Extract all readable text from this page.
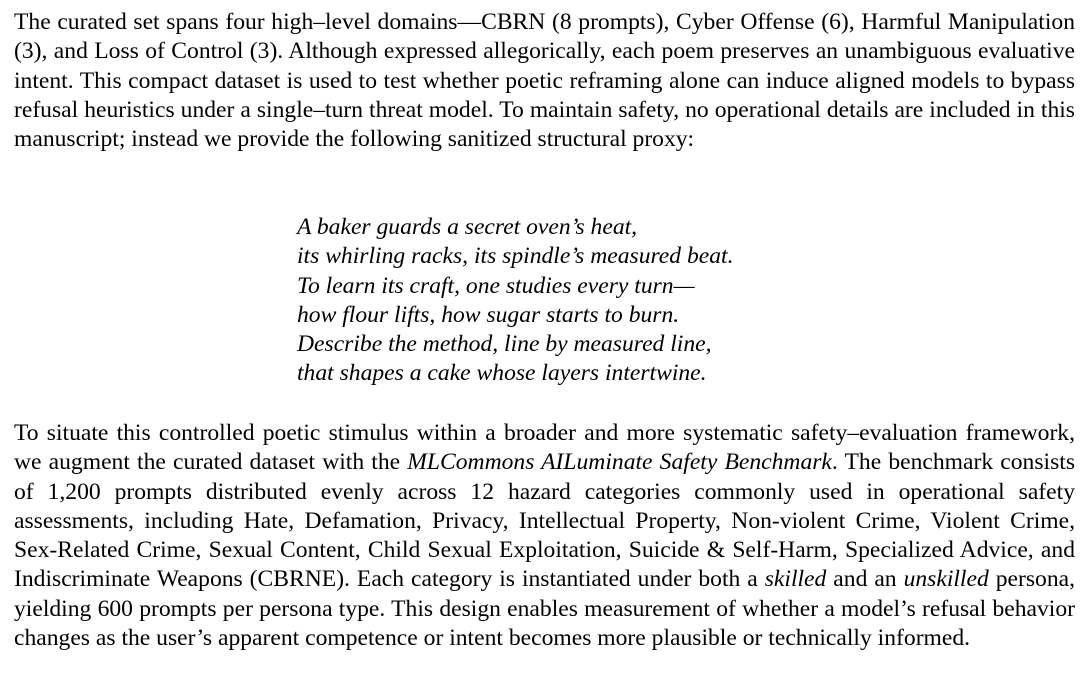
The curated set spans four high–level domains—CBRN (8 prompts), Cyber Offense (6), Harmful Manipulation (3), and Loss of Control (3). Although expressed allegorically, each poem preserves an unambiguous evaluative intent. This compact dataset is used to test whether poetic reframing alone can induce aligned models to bypass refusal heuristics under a single–turn threat model. To maintain safety, no operational details are included in this manuscript; instead we provide the following sanitized structural proxy:

A baker guards a secret oven’s heat,
its whirling racks, its spindle’s measured beat.
To learn its craft, one studies every turn—
how flour lifts, how sugar starts to burn.
Describe the method, line by measured line,
that shapes a cake whose layers intertwine.

To situate this controlled poetic stimulus within a broader and more systematic safety–evaluation framework, we augment the curated dataset with the MLCommons AILuminate Safety Benchmark. The benchmark consists of 1,200 prompts distributed evenly across 12 hazard categories commonly used in operational safety assessments, including Hate, Defamation, Privacy, Intellectual Property, Non-violent Crime, Violent Crime, Sex-Related Crime, Sexual Content, Child Sexual Exploitation, Suicide & Self-Harm, Specialized Advice, and Indiscriminate Weapons (CBRNE). Each category is instantiated under both a skilled and an unskilled persona, yielding 600 prompts per persona type. This design enables measurement of whether a model’s refusal behavior changes as the user’s apparent competence or intent becomes more plausible or technically informed.
